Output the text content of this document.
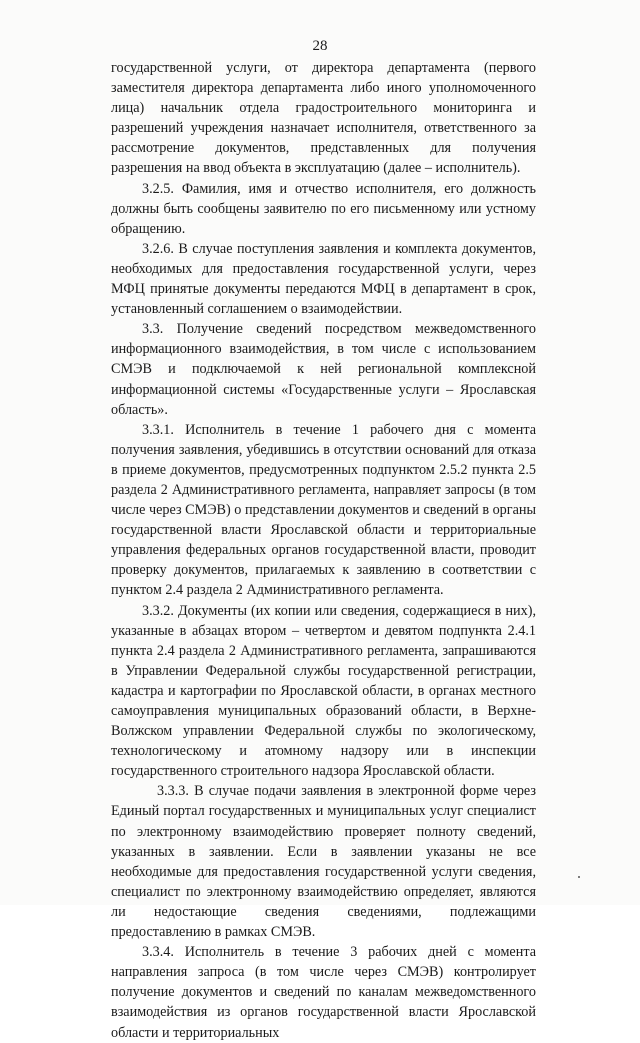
28

государственной услуги, от директора департамента (первого заместителя директора департамента либо иного уполномоченного лица) начальник отдела градостроительного мониторинга и разрешений учреждения назначает исполнителя, ответственного за рассмотрение документов, представленных для получения разрешения на ввод объекта в эксплуатацию (далее – исполнитель).

3.2.5. Фамилия, имя и отчество исполнителя, его должность должны быть сообщены заявителю по его письменному или устному обращению.

3.2.6. В случае поступления заявления и комплекта документов, необходимых для предоставления государственной услуги, через МФЦ принятые документы передаются МФЦ в департамент в срок, установленный соглашением о взаимодействии.

3.3. Получение сведений посредством межведомственного информационного взаимодействия, в том числе с использованием СМЭВ и подключаемой к ней региональной комплексной информационной системы «Государственные услуги – Ярославская область».

3.3.1. Исполнитель в течение 1 рабочего дня с момента получения заявления, убедившись в отсутствии оснований для отказа в приеме документов, предусмотренных подпунктом 2.5.2 пункта 2.5 раздела 2 Административного регламента, направляет запросы (в том числе через СМЭВ) о представлении документов и сведений в органы государственной власти Ярославской области и территориальные управления федеральных органов государственной власти, проводит проверку документов, прилагаемых к заявлению в соответствии с пунктом 2.4 раздела 2 Административного регламента.

3.3.2. Документы (их копии или сведения, содержащиеся в них), указанные в абзацах втором – четвертом и девятом подпункта 2.4.1 пункта 2.4 раздела 2 Административного регламента, запрашиваются в Управлении Федеральной службы государственной регистрации, кадастра и картографии по Ярославской области, в органах местного самоуправления муниципальных образований области, в Верхне-Волжском управлении Федеральной службы по экологическому, технологическому и атомному надзору или в инспекции государственного строительного надзора Ярославской области.

3.3.3. В случае подачи заявления в электронной форме через Единый портал государственных и муниципальных услуг специалист по электронному взаимодействию проверяет полноту сведений, указанных в заявлении. Если в заявлении указаны не все необходимые для предоставления государственной услуги сведения, специалист по электронному взаимодействию определяет, являются ли недостающие сведения сведениями, подлежащими предоставлению в рамках СМЭВ.

3.3.4. Исполнитель в течение 3 рабочих дней с момента направления запроса (в том числе через СМЭВ) контролирует получение документов и сведений по каналам межведомственного взаимодействия из органов государственной власти Ярославской области и территориальных
